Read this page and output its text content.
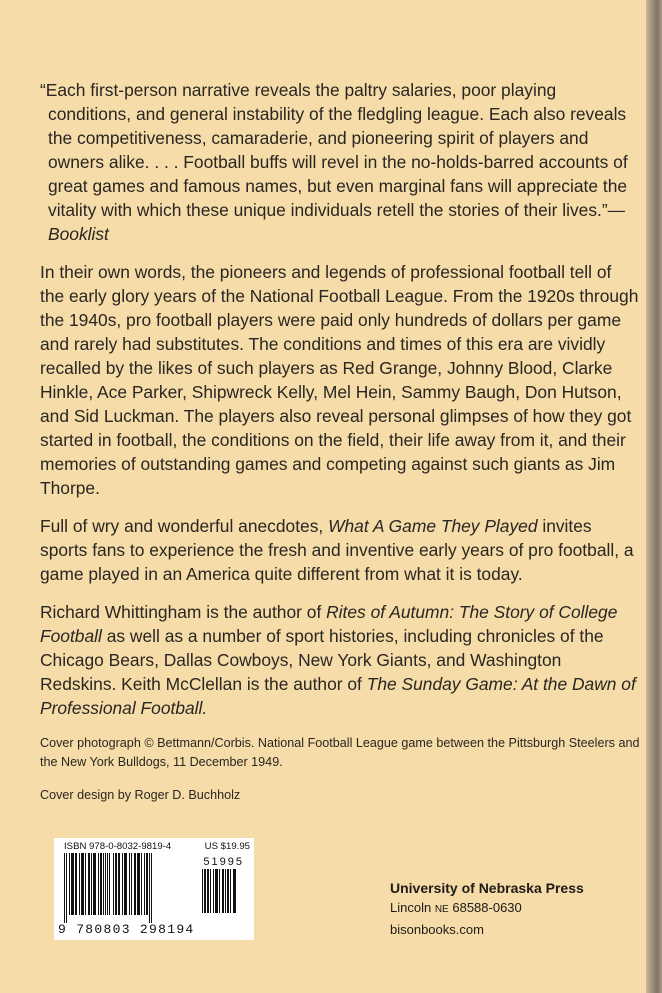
“Each first-person narrative reveals the paltry salaries, poor playing conditions, and general instability of the fledgling league. Each also reveals the competitiveness, camaraderie, and pioneering spirit of players and owners alike. . . . Football buffs will revel in the no-holds-barred accounts of great games and famous names, but even marginal fans will appreciate the vitality with which these unique individuals retell the stories of their lives.”—Booklist

In their own words, the pioneers and legends of professional football tell of the early glory years of the National Football League. From the 1920s through the 1940s, pro football players were paid only hundreds of dollars per game and rarely had substitutes. The conditions and times of this era are vividly recalled by the likes of such players as Red Grange, Johnny Blood, Clarke Hinkle, Ace Parker, Shipwreck Kelly, Mel Hein, Sammy Baugh, Don Hutson, and Sid Luckman. The players also reveal personal glimpses of how they got started in football, the conditions on the field, their life away from it, and their memories of outstanding games and competing against such giants as Jim Thorpe.

Full of wry and wonderful anecdotes, What A Game They Played invites sports fans to experience the fresh and inventive early years of pro football, a game played in an America quite different from what it is today.

Richard Whittingham is the author of Rites of Autumn: The Story of College Football as well as a number of sport histories, including chronicles of the Chicago Bears, Dallas Cowboys, New York Giants, and Washington Redskins. Keith McClellan is the author of The Sunday Game: At the Dawn of Professional Football.

Cover photograph © Bettmann/Corbis. National Football League game between the Pittsburgh Steelers and the New York Bulldogs, 11 December 1949.

Cover design by Roger D. Buchholz

ISBN 978-0-8032-9819-4	US $19.95
51995
9 780803 298194
University of Nebraska Press
Lincoln NE 68588-0630
bisonbooks.com
